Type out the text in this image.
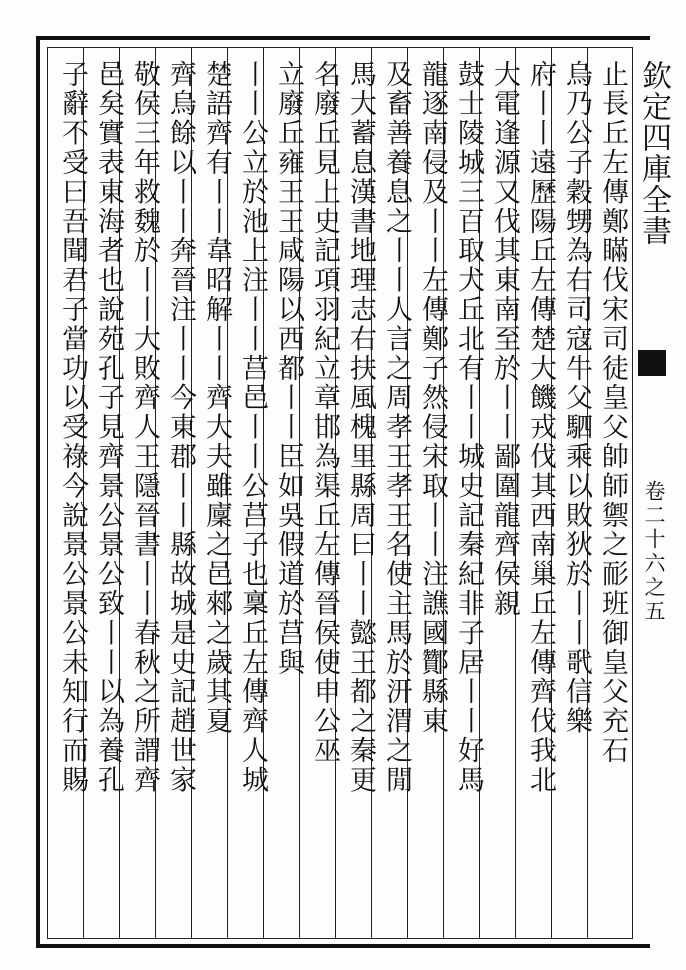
止長丘左傳鄭瞞伐宋司徒皇父帥師禦之耏班御皇父充石
烏乃公子穀甥為右司寇牛父駟乘以敗狄於丨丨㢦信樂
府丨丨遠歷陽丘左傳楚大饑戎伐其西南巢丘左傳齊伐我北
大電逢源又伐其東南至於丨丨鄙圍龍齊侯親
鼓士陵城三百取犬丘北有丨丨城史記秦紀非子居丨丨好馬
龍逐南侵及丨丨左傳鄭子然侵宋取丨丨注譙國酇縣東
及畜善養息之丨丨人言之周孝王孝王名使主馬於汧渭之閒
馬大蓄息漢書地理志右扶風槐里縣周曰丨丨懿王都之秦更
名廢丘見上史記項羽紀立章邯為渠丘左傳晉侯使申公巫
立廢丘雍王王咸陽以西都丨丨臣如吳假道於莒與
丨丨公立於池上注丨丨莒邑丨丨公莒子也稟丘左傳齊人城
楚語齊有丨丨韋昭解丨丨齊大夫雖廩之邑郲之歲其夏
齊烏餘以丨丨奔晉注丨丨今東郡丨丨縣故城是史記趙世家
敬侯三年救魏於丨丨大敗齊人王隱晉書丨丨春秋之所謂齊
邑矣實表東海者也說苑孔子見齊景公景公致丨丨以為養孔
子辭不受曰吾聞君子當功以受祿今說景公景公未知行而賜	欽定四庫全書
卷二十六之五
